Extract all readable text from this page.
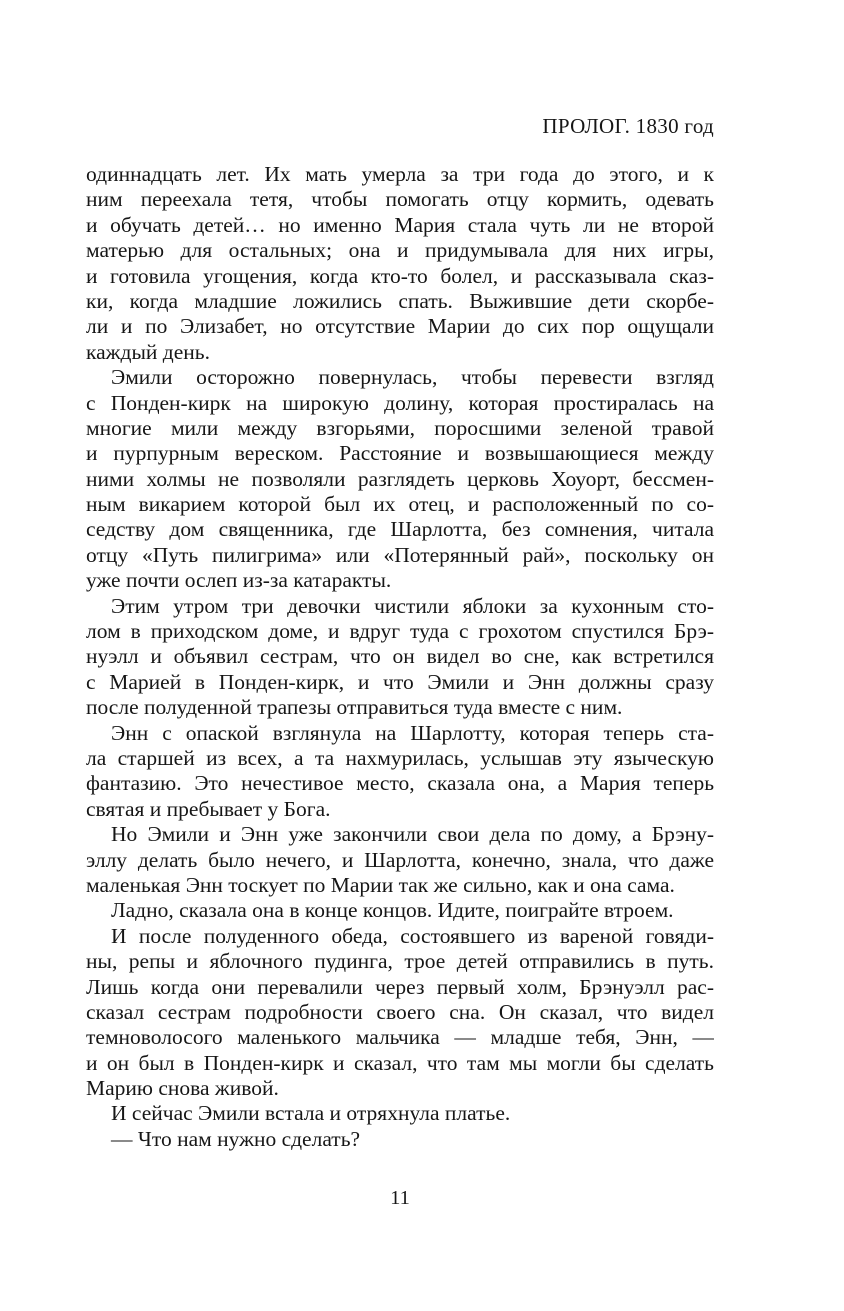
ПРОЛОГ. 1830 год
одиннадцать лет. Их мать умерла за три года до этого, и к
ним переехала тетя, чтобы помогать отцу кормить, одевать
и обучать детей… но именно Мария стала чуть ли не второй
матерью для остальных; она и придумывала для них игры,
и готовила угощения, когда кто-то болел, и рассказывала сказ-
ки, когда младшие ложились спать. Выжившие дети скорбе-
ли и по Элизабет, но отсутствие Марии до сих пор ощущали
каждый день.
Эмили осторожно повернулась, чтобы перевести взгляд
с Понден-кирк на широкую долину, которая простиралась на
многие мили между взгорьями, поросшими зеленой травой
и пурпурным вереском. Расстояние и возвышающиеся между
ними холмы не позволяли разглядеть церковь Хоуорт, бессмен-
ным викарием которой был их отец, и расположенный по со-
седству дом священника, где Шарлотта, без сомнения, читала
отцу «Путь пилигрима» или «Потерянный рай», поскольку он
уже почти ослеп из-за катаракты.
Этим утром три девочки чистили яблоки за кухонным сто-
лом в приходском доме, и вдруг туда с грохотом спустился Брэ-
нуэлл и объявил сестрам, что он видел во сне, как встретился
с Марией в Понден-кирк, и что Эмили и Энн должны сразу
после полуденной трапезы отправиться туда вместе с ним.
Энн с опаской взглянула на Шарлотту, которая теперь ста-
ла старшей из всех, а та нахмурилась, услышав эту языческую
фантазию. Это нечестивое место, сказала она, а Мария теперь
святая и пребывает у Бога.
Но Эмили и Энн уже закончили свои дела по дому, а Брэну-
эллу делать было нечего, и Шарлотта, конечно, знала, что даже
маленькая Энн тоскует по Марии так же сильно, как и она сама.
Ладно, сказала она в конце концов. Идите, поиграйте втроем.
И после полуденного обеда, состоявшего из вареной говяди-
ны, репы и яблочного пудинга, трое детей отправились в путь.
Лишь когда они перевалили через первый холм, Брэнуэлл рас-
сказал сестрам подробности своего сна. Он сказал, что видел
темноволосого маленького мальчика — младше тебя, Энн, —
и он был в Понден-кирк и сказал, что там мы могли бы сделать
Марию снова живой.
И сейчас Эмили встала и отряхнула платье.
— Что нам нужно сделать?
11
